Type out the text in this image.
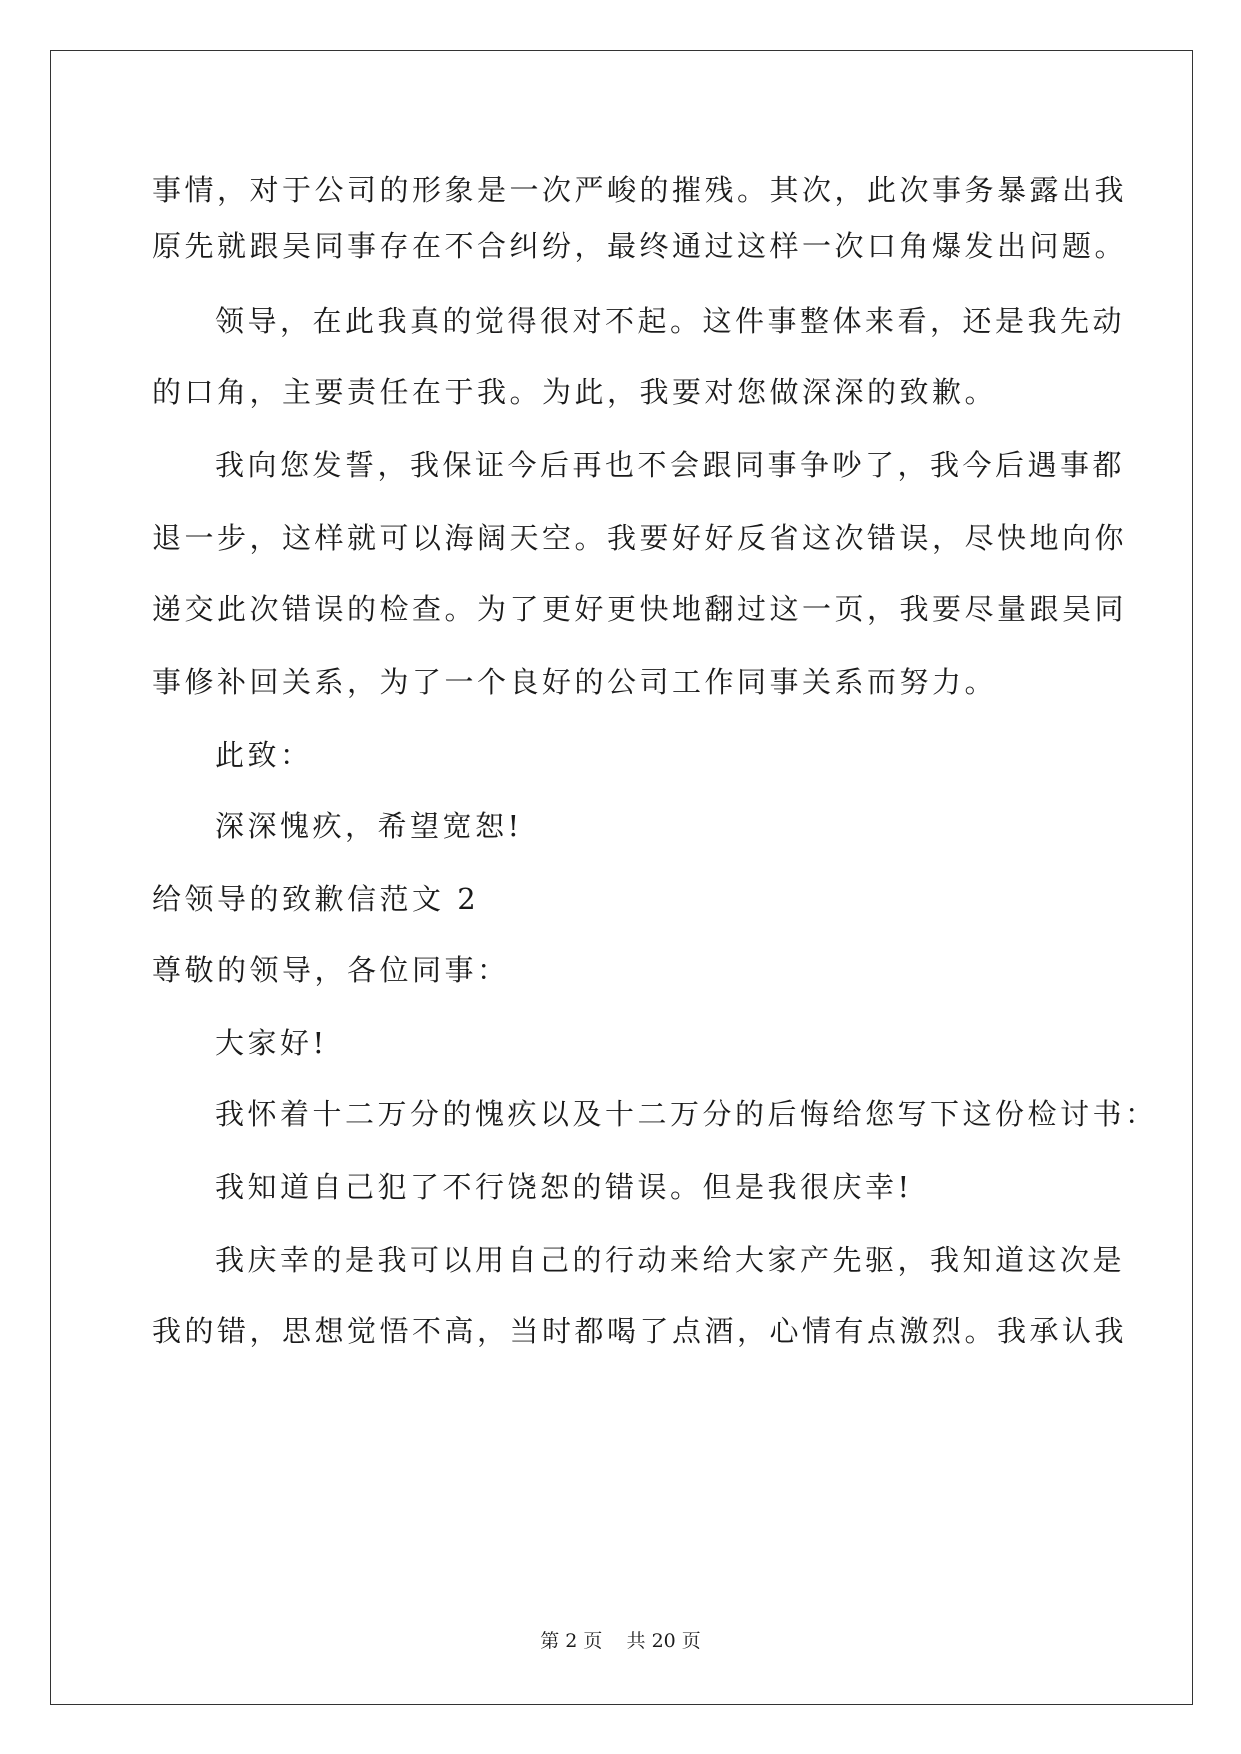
事情，对于公司的形象是一次严峻的摧残。其次，此次事务暴露出我
原先就跟吴同事存在不合纠纷，最终通过这样一次口角爆发出问题。
领导，在此我真的觉得很对不起。这件事整体来看，还是我先动
的口角，主要责任在于我。为此，我要对您做深深的致歉。
我向您发誓，我保证今后再也不会跟同事争吵了，我今后遇事都
退一步，这样就可以海阔天空。我要好好反省这次错误，尽快地向你
递交此次错误的检查。为了更好更快地翻过这一页，我要尽量跟吴同
事修补回关系，为了一个良好的公司工作同事关系而努力。
此致：
深深愧疚，希望宽恕!
给领导的致歉信范文 2
尊敬的领导，各位同事：
大家好!
我怀着十二万分的愧疚以及十二万分的后悔给您写下这份检讨书：
我知道自己犯了不行饶恕的错误。但是我很庆幸!
我庆幸的是我可以用自己的行动来给大家产先驱，我知道这次是
我的错，思想觉悟不高，当时都喝了点酒，心情有点激烈。我承认我
第 2 页    共 20 页
